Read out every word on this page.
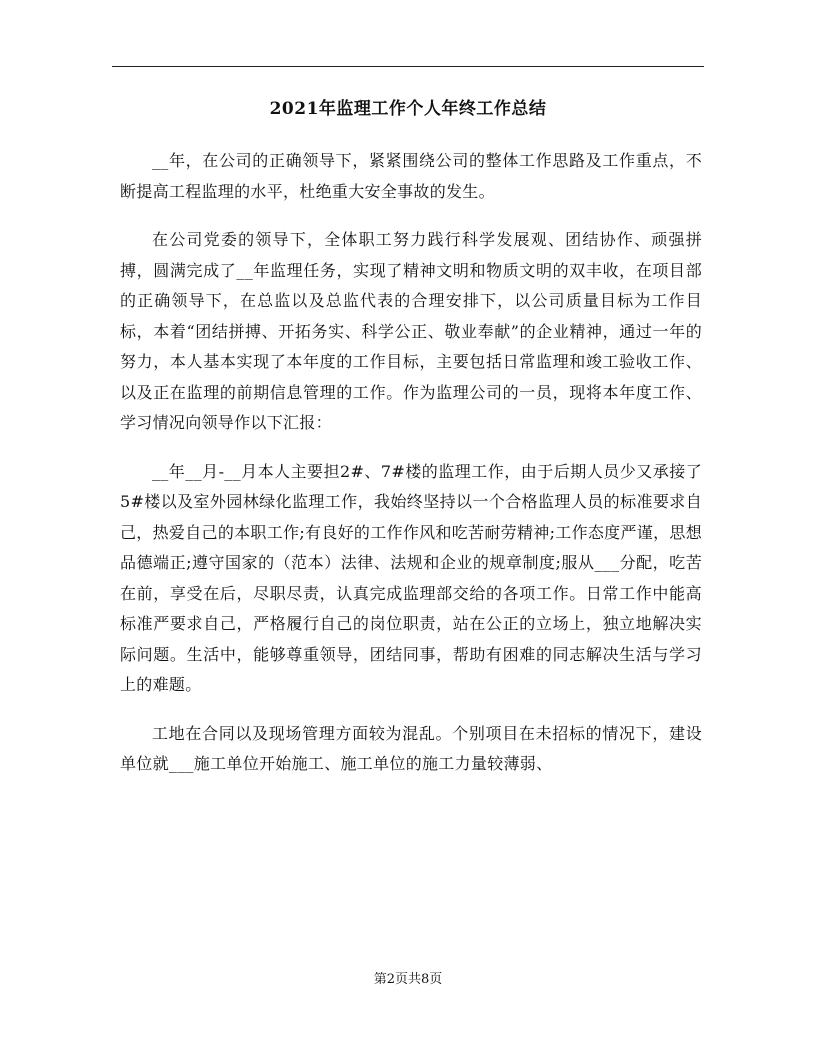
2021年监理工作个人年终工作总结

__年，在公司的正确领导下，紧紧围绕公司的整体工作思路及工作重点，不断提高工程监理的水平，杜绝重大安全事故的发生。

在公司党委的领导下，全体职工努力践行科学发展观、团结协作、顽强拼搏，圆满完成了__年监理任务，实现了精神文明和物质文明的双丰收，在项目部的正确领导下，在总监以及总监代表的合理安排下，以公司质量目标为工作目标，本着“团结拼搏、开拓务实、科学公正、敬业奉献”的企业精神，通过一年的努力，本人基本实现了本年度的工作目标，主要包括日常监理和竣工验收工作、以及正在监理的前期信息管理的工作。作为监理公司的一员，现将本年度工作、学习情况向领导作以下汇报：

__年__月-__月本人主要担2#、7#楼的监理工作，由于后期人员少又承接了5#楼以及室外园林绿化监理工作，我始终坚持以一个合格监理人员的标准要求自己，热爱自己的本职工作;有良好的工作作风和吃苦耐劳精神;工作态度严谨，思想品德端正;遵守国家的（范本）法律、法规和企业的规章制度;服从___分配，吃苦在前，享受在后，尽职尽责，认真完成监理部交给的各项工作。日常工作中能高标准严要求自己，严格履行自己的岗位职责，站在公正的立场上，独立地解决实际问题。生活中，能够尊重领导，团结同事，帮助有困难的同志解决生活与学习上的难题。

工地在合同以及现场管理方面较为混乱。个别项目在未招标的情况下，建设单位就___施工单位开始施工、施工单位的施工力量较薄弱、

第2页共8页
